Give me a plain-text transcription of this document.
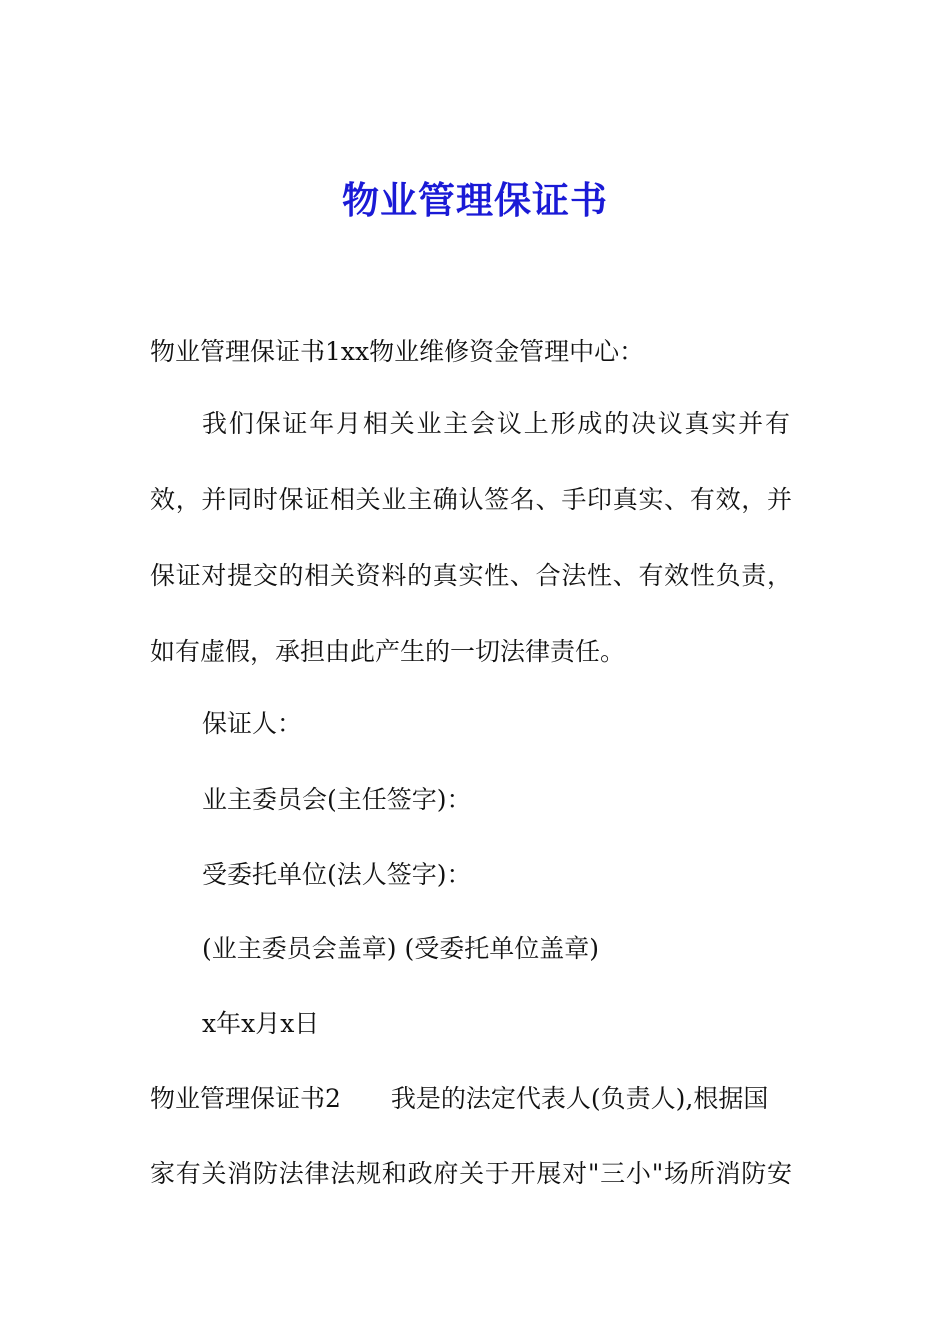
物业管理保证书

物业管理保证书1xx物业维修资金管理中心：

我们保证年月相关业主会议上形成的决议真实并有

效，并同时保证相关业主确认签名、手印真实、有效，并

保证对提交的相关资料的真实性、合法性、有效性负责，

如有虚假，承担由此产生的一切法律责任。

保证人：

业主委员会(主任签字)：

受委托单位(法人签字)：

(业主委员会盖章) (受委托单位盖章)

x年x月x日

物业管理保证书2 我是的法定代表人(负责人),根据国

家有关消防法律法规和政府关于开展对"三小"场所消防安
